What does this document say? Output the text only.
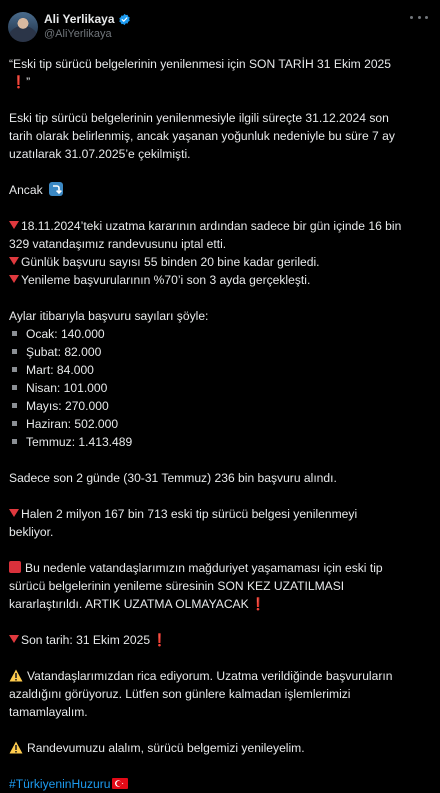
Ali Yerlikaya
@AliYerlikaya
“Eski tip sürücü belgelerinin yenilenmesi için SON TARİH 31 Ekim 2025
❗”
Eski tip sürücü belgelerinin yenilenmesiyle ilgili süreçte 31.12.2024 son
tarih olarak belirlenmiş, ancak yaşanan yoğunluk nedeniyle bu süre 7 ay
uzatılarak 31.07.2025’e çekilmişti.
Ancak
18.11.2024’teki uzatma kararının ardından sadece bir gün içinde 16 bin
329 vatandaşımız randevusunu iptal etti.
Günlük başvuru sayısı 55 binden 20 bine kadar geriledi.
Yenileme başvurularının %70’i son 3 ayda gerçekleşti.
Aylar itibarıyla başvuru sayıları şöyle:
Ocak: 140.000
Şubat: 82.000
Mart: 84.000
Nisan: 101.000
Mayıs: 270.000
Haziran: 502.000
Temmuz: 1.413.489
Sadece son 2 günde (30-31 Temmuz) 236 bin başvuru alındı.
Halen 2 milyon 167 bin 713 eski tip sürücü belgesi yenilenmeyi
bekliyor.
Bu nedenle vatandaşlarımızın mağduriyet yaşamaması için eski tip
sürücü belgelerinin yenileme süresinin SON KEZ UZATILMASI
kararlaştırıldı. ARTIK UZATMA OLMAYACAK ❗
Son tarih: 31 Ekim 2025 ❗
Vatandaşlarımızdan rica ediyorum. Uzatma verildiğinde başvuruların
azaldığını görüyoruz. Lütfen son günlere kalmadan işlemlerimizi
tamamlayalım.
Randevumuzu alalım, sürücü belgemizi yenileyelim.
#TürkiyeninHuzuru
